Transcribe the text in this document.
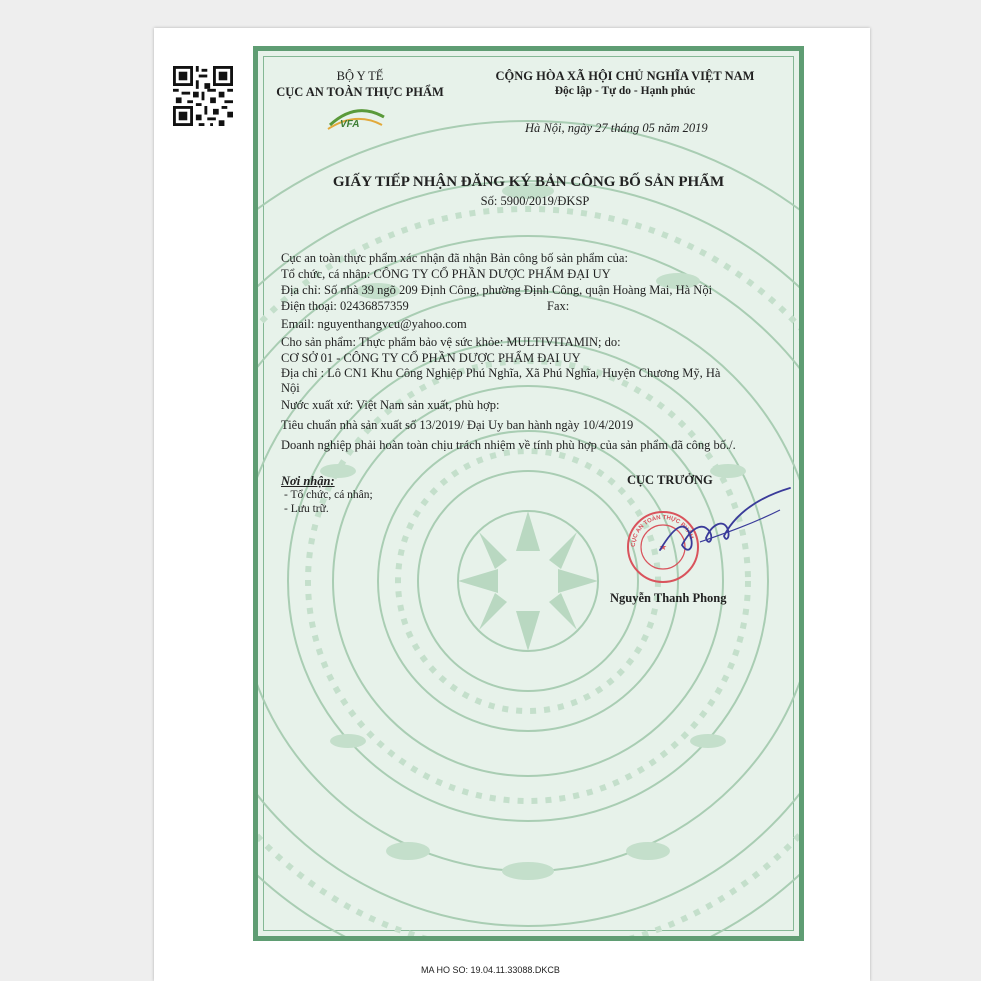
VFA
BỘ Y TẾ
CỤC AN TOÀN THỰC PHẨM
CỘNG HÒA XÃ HỘI CHỦ NGHĨA VIỆT NAM
Độc lập - Tự do - Hạnh phúc
Hà Nội, ngày 27 tháng 05 năm 2019
GIẤY TIẾP NHẬN ĐĂNG KÝ BẢN CÔNG BỐ SẢN PHẨM
Số: 5900/2019/ĐKSP
Cục an toàn thực phẩm xác nhận đã nhận Bản công bố sản phẩm của:
Tổ chức, cá nhân: CÔNG TY CỔ PHẦN DƯỢC PHẨM ĐẠI UY
Địa chỉ: Số nhà 39 ngõ 209 Định Công, phường Định Công, quận Hoàng Mai, Hà Nội
Điện thoại: 02436857359	Fax:
Email: nguyenthangvcu@yahoo.com
Cho sản phẩm: Thực phẩm bảo vệ sức khỏe: MULTIVITAMIN; do:
CƠ SỞ 01 - CÔNG TY CỔ PHẦN DƯỢC PHẨM ĐẠI UY
Địa chỉ : Lô CN1 Khu Công Nghiệp Phú Nghĩa, Xã Phú Nghĩa, Huyện Chương Mỹ, Hà
Nội
Nước xuất xứ: Việt Nam sản xuất, phù hợp:
Tiêu chuẩn nhà sản xuất số 13/2019/ Đại Uy ban hành ngày 10/4/2019
Doanh nghiệp phải hoàn toàn chịu trách nhiệm về tính phù hợp của sản phẩm đã công bố./.
Nơi nhận:
- Tổ chức, cá nhân;
- Lưu trữ.
CỤC TRƯỞNG
CỤC AN TOÀN THỰC PHẨM
★
Nguyễn Thanh Phong
MA HO SO: 19.04.11.33088.DKCB
